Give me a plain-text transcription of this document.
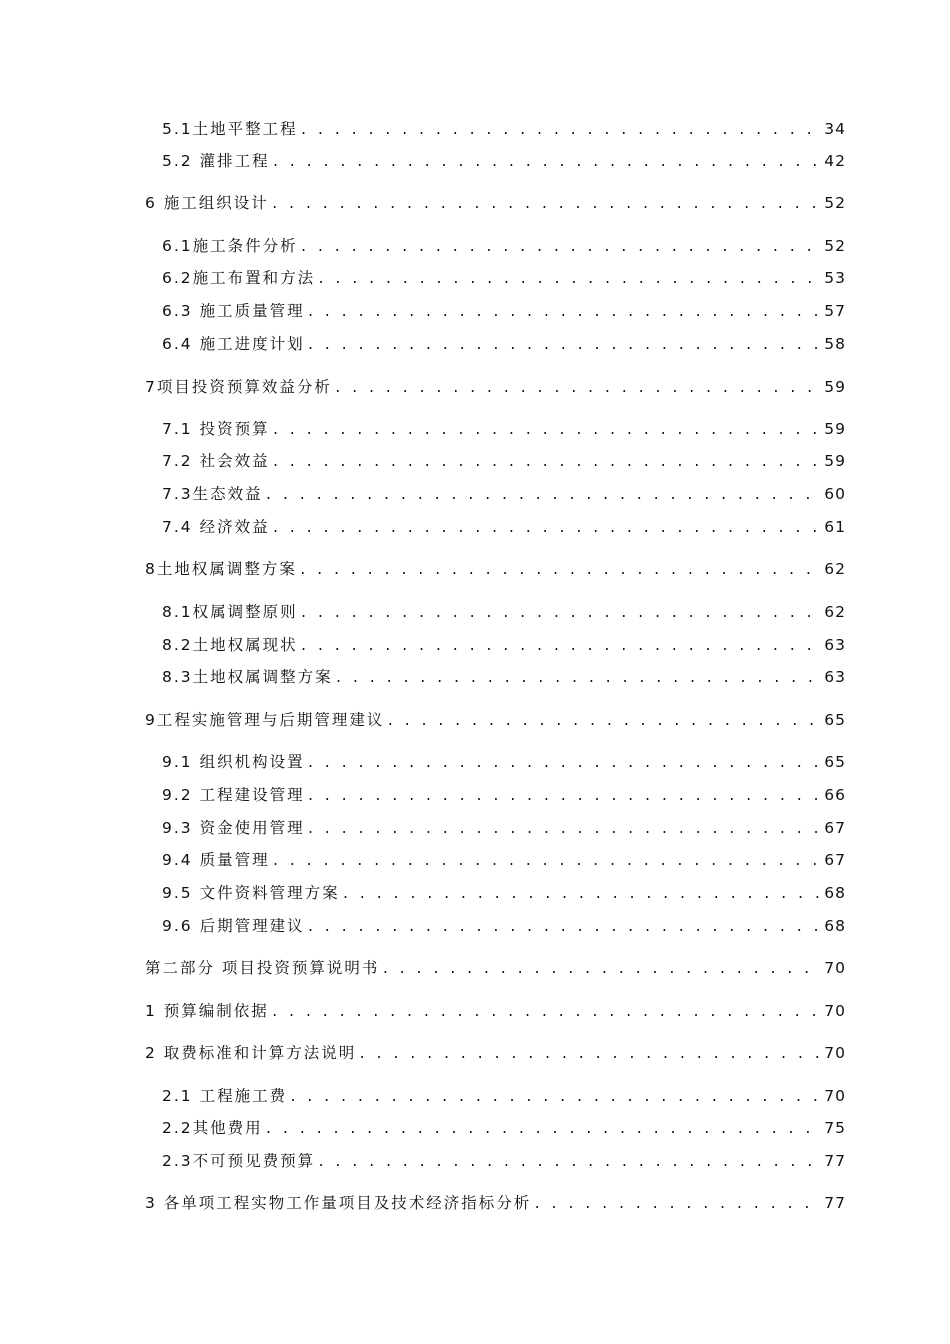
5.1土地平整工程 . . .	34
5.2 灌排工程 . . .	42
6 施工组织设计 . . .	52
6.1施工条件分析 . . .	52
6.2施工布置和方法 . . .	53
6.3 施工质量管理 . . .	57
6.4 施工进度计划 . . .	58
7项目投资预算效益分析 . . .	59
7.1 投资预算 . . .	59
7.2 社会效益 . . .	59
7.3生态效益 . . .	60
7.4 经济效益 . . .	61
8土地权属调整方案 . . .	62
8.1权属调整原则 . . .	62
8.2土地权属现状 . . .	63
8.3土地权属调整方案 . . .	63
9工程实施管理与后期管理建议 . . .	65
9.1 组织机构设置 . . .	65
9.2 工程建设管理 . . .	66
9.3 资金使用管理 . . .	67
9.4 质量管理 . . .	67
9.5 文件资料管理方案 . . .	68
9.6 后期管理建议 . . .	68
第二部分 项目投资预算说明书 . . .	70
1 预算编制依据 . . .	70
2 取费标准和计算方法说明 . . .	70
2.1 工程施工费 . . .	70
2.2其他费用 . . .	75
2.3不可预见费预算 . . .	77
3 各单项工程实物工作量项目及技术经济指标分析 . . .	77
